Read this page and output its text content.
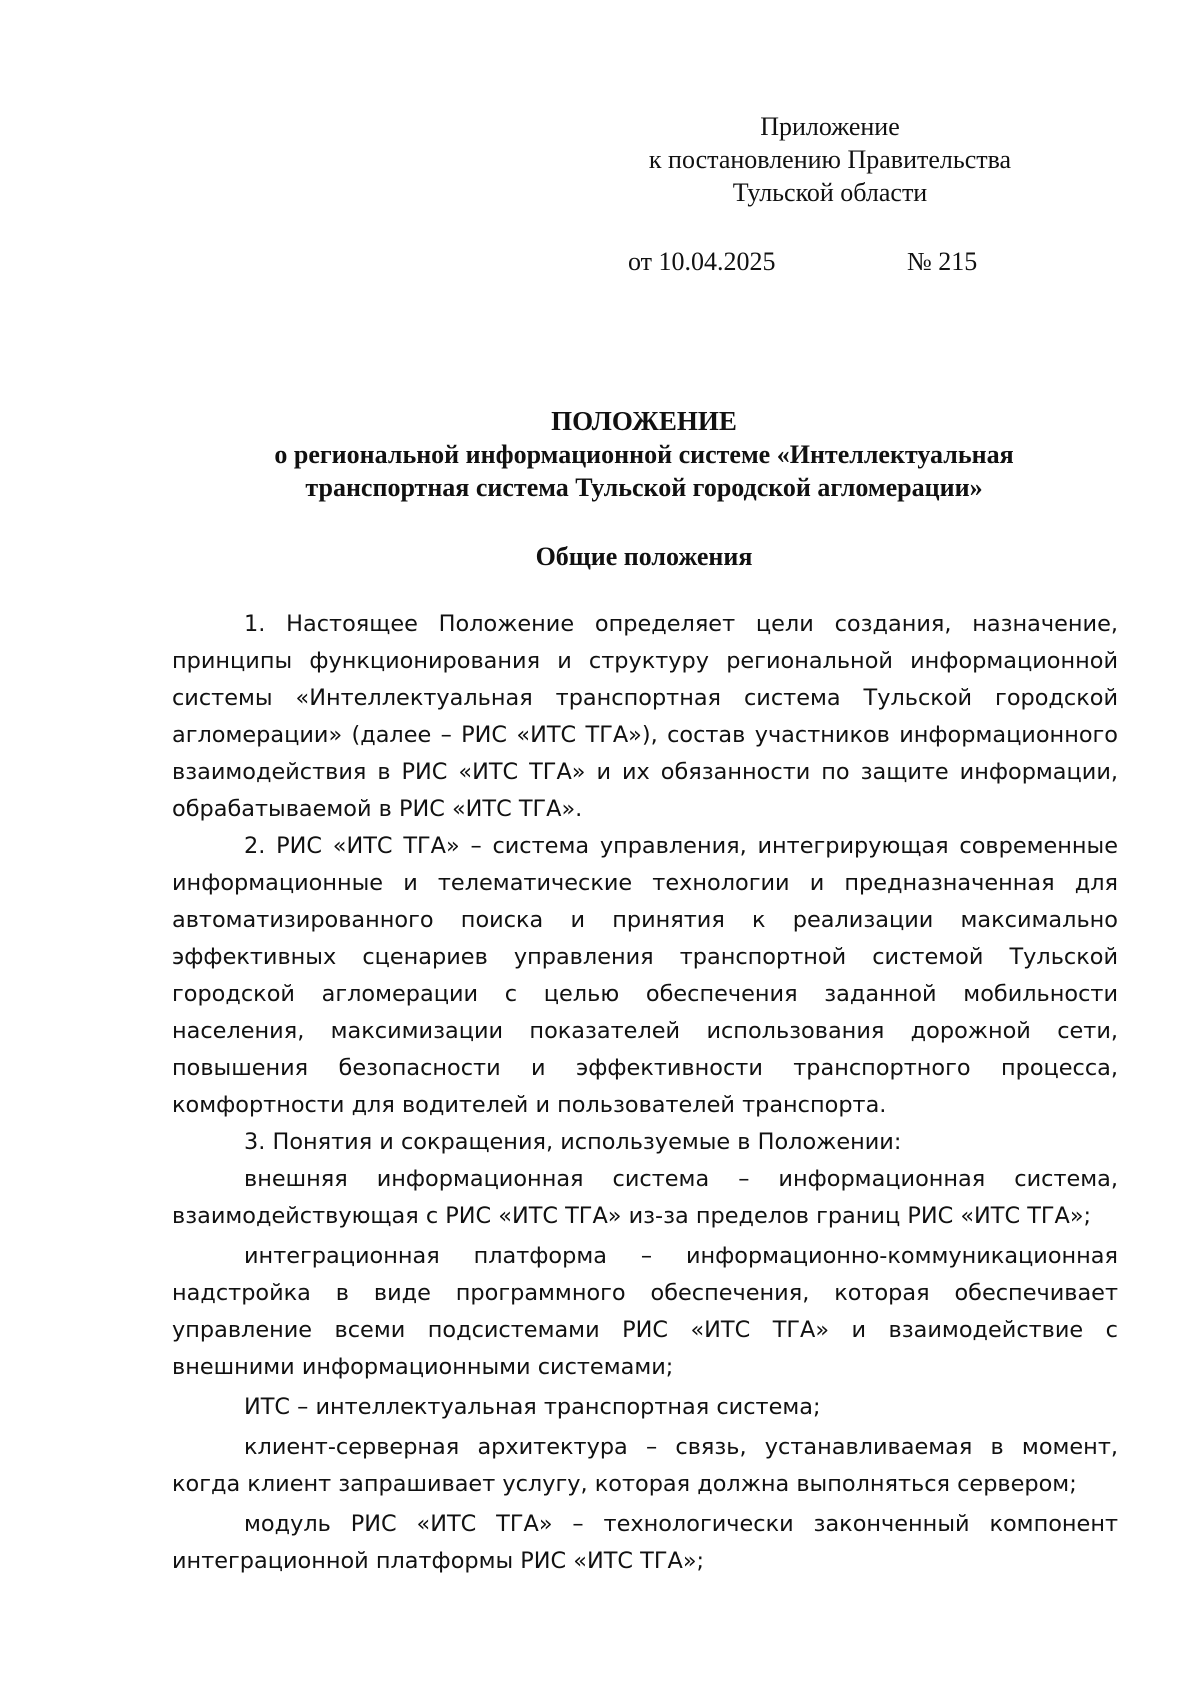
Приложение
к постановлению Правительства
Тульской области
от 10.04.2025	№ 215
ПОЛОЖЕНИЕ
о региональной информационной системе «Интеллектуальная
транспортная система Тульской городской агломерации»
Общие положения

1. Настоящее Положение определяет цели создания, назначение, принципы функционирования и структуру региональной информационной системы «Интеллектуальная транспортная система Тульской городской агломерации» (далее – РИС «ИТС ТГА»), состав участников информационного взаимодействия в РИС «ИТС ТГА» и их обязанности по защите информации, обрабатываемой в РИС «ИТС ТГА».

2. РИС «ИТС ТГА» – система управления, интегрирующая современные информационные и телематические технологии и предназначенная для автоматизированного поиска и принятия к реализации максимально эффективных сценариев управления транспортной системой Тульской городской агломерации с целью обеспечения заданной мобильности населения, максимизации показателей использования дорожной сети, повышения безопасности и эффективности транспортного процесса, комфортности для водителей и пользователей транспорта.

3. Понятия и сокращения, используемые в Положении:

внешняя информационная система – информационная система, взаимодействующая с РИС «ИТС ТГА» из-за пределов границ РИС «ИТС ТГА»;

интеграционная платформа – информационно-коммуникационная надстройка в виде программного обеспечения, которая обеспечивает управление всеми подсистемами РИС «ИТС ТГА» и взаимодействие с внешними информационными системами;

ИТС – интеллектуальная транспортная система;

клиент-серверная архитектура – связь, устанавливаемая в момент, когда клиент запрашивает услугу, которая должна выполняться сервером;

модуль РИС «ИТС ТГА» – технологически законченный компонент интеграционной платформы РИС «ИТС ТГА»;
